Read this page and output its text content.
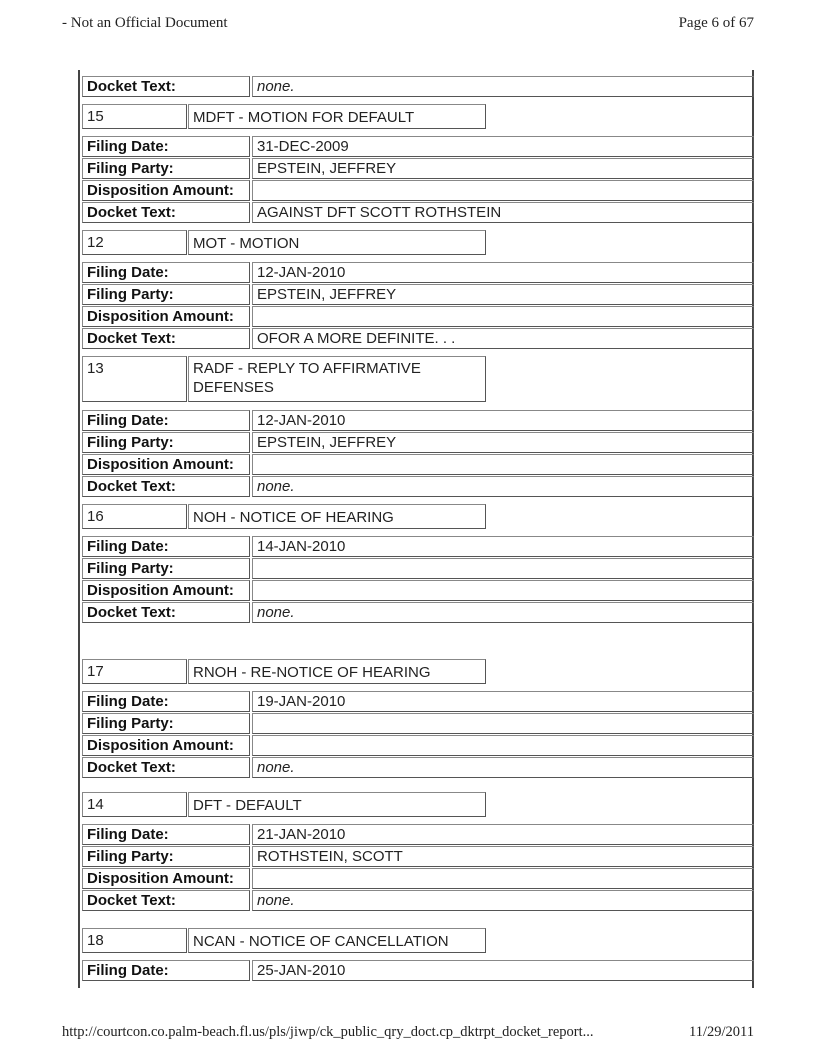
- Not an Official Document	Page 6 of 67
Docket Text:	none.
15	MDFT - MOTION FOR DEFAULT
Filing Date:	31-DEC-2009
Filing Party:	EPSTEIN, JEFFREY
Disposition Amount:
Docket Text:	AGAINST DFT SCOTT ROTHSTEIN
12	MOT - MOTION
Filing Date:	12-JAN-2010
Filing Party:	EPSTEIN, JEFFREY
Disposition Amount:
Docket Text:	OFOR A MORE DEFINITE. . .
13	RADF - REPLY TO AFFIRMATIVE DEFENSES
Filing Date:	12-JAN-2010
Filing Party:	EPSTEIN, JEFFREY
Disposition Amount:
Docket Text:	none.
16	NOH - NOTICE OF HEARING
Filing Date:	14-JAN-2010
Filing Party:
Disposition Amount:
Docket Text:	none.
17	RNOH - RE-NOTICE OF HEARING
Filing Date:	19-JAN-2010
Filing Party:
Disposition Amount:
Docket Text:	none.
14	DFT - DEFAULT
Filing Date:	21-JAN-2010
Filing Party:	ROTHSTEIN, SCOTT
Disposition Amount:
Docket Text:	none.
18	NCAN - NOTICE OF CANCELLATION
Filing Date:	25-JAN-2010
http://courtcon.co.palm-beach.fl.us/pls/jiwp/ck_public_qry_doct.cp_dktrpt_docket_report...	11/29/2011
